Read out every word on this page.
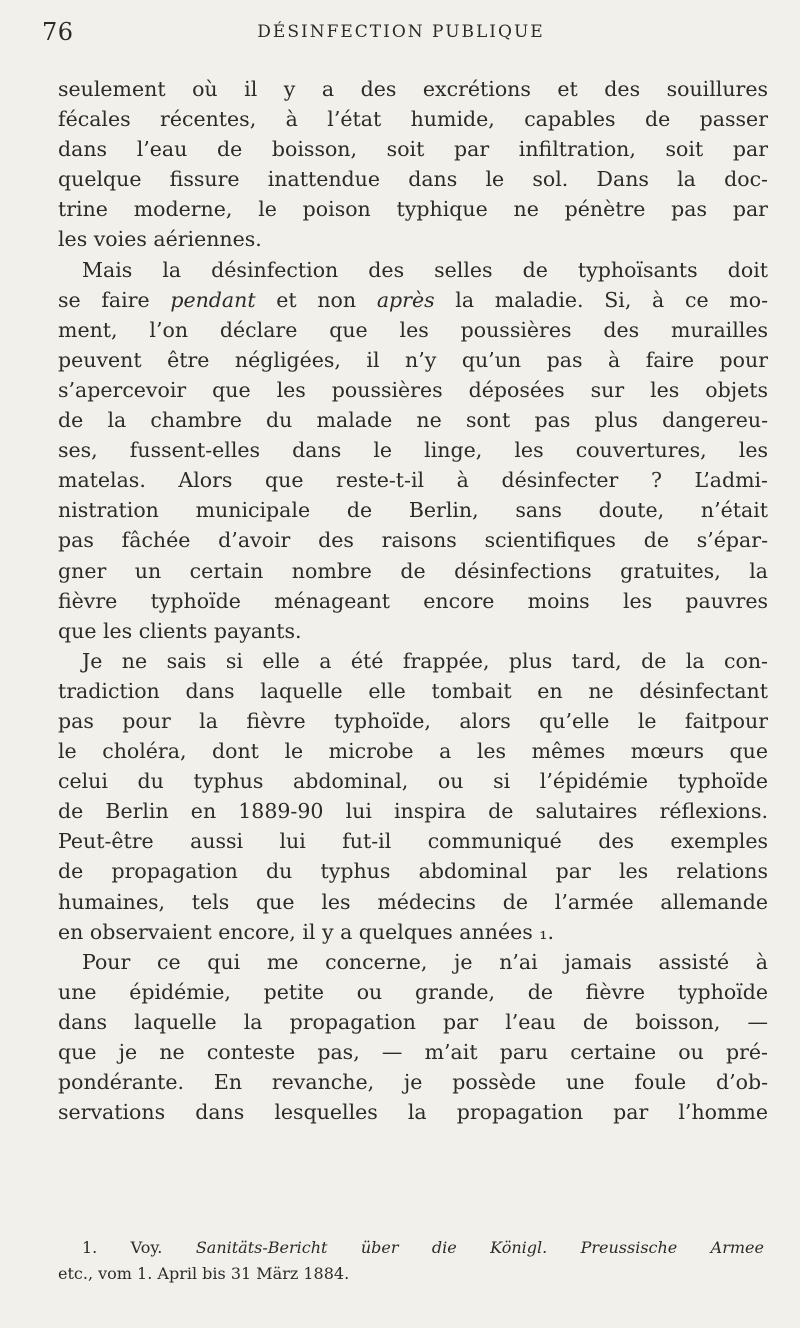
76	DÉSINFECTION PUBLIQUE
seulement où il y a des excrétions et des souillures
fécales récentes, à l’état humide, capables de passer
dans l’eau de boisson, soit par infiltration, soit par
quelque fissure inattendue dans le sol. Dans la doc-
trine moderne, le poison typhique ne pénètre pas par
les voies aériennes.
Mais la désinfection des selles de typhoïsants doit
se faire pendant et non après la maladie. Si, à ce mo-
ment, l’on déclare que les poussières des murailles
peuvent être négligées, il n’y qu’un pas à faire pour
s’apercevoir que les poussières déposées sur les objets
de la chambre du malade ne sont pas plus dangereu-
ses, fussent-elles dans le linge, les couvertures, les
matelas. Alors que reste-t-il à désinfecter ? L’admi-
nistration municipale de Berlin, sans doute, n’était
pas fâchée d’avoir des raisons scientifiques de s’épar-
gner un certain nombre de désinfections gratuites, la
fièvre typhoïde ménageant encore moins les pauvres
que les clients payants.
Je ne sais si elle a été frappée, plus tard, de la con-
tradiction dans laquelle elle tombait en ne désinfectant
pas pour la fièvre typhoïde, alors qu’elle le faitpour
le choléra, dont le microbe a les mêmes mœurs que
celui du typhus abdominal, ou si l’épidémie typhoïde
de Berlin en 1889-90 lui inspira de salutaires réflexions.
Peut-être aussi lui fut-il communiqué des exemples
de propagation du typhus abdominal par les relations
humaines, tels que les médecins de l’armée allemande
en observaient encore, il y a quelques années ₁.
Pour ce qui me concerne, je n’ai jamais assisté à
une épidémie, petite ou grande, de fièvre typhoïde
dans laquelle la propagation par l’eau de boisson, —
que je ne conteste pas, — m’ait paru certaine ou pré-
pondérante. En revanche, je possède une foule d’ob-
servations dans lesquelles la propagation par l’homme
1. Voy. Sanitäts-Bericht über die Königl. Preussische Armee
etc., vom 1. April bis 31 März 1884.
